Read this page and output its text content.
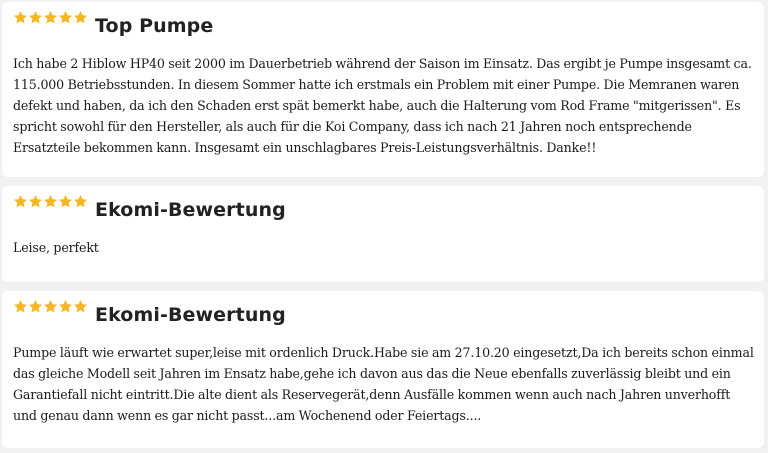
Top Pumpe

Ich habe 2 Hiblow HP40 seit 2000 im Dauerbetrieb während der Saison im Einsatz. Das ergibt je Pumpe insgesamt ca. 115.000 Betriebsstunden. In diesem Sommer hatte ich erstmals ein Problem mit einer Pumpe. Die Memranen waren defekt und haben, da ich den Schaden erst spät bemerkt habe, auch die Halterung vom Rod Frame "mitgerissen". Es spricht sowohl für den Hersteller, als auch für die Koi Company, dass ich nach 21 Jahren noch entsprechende Ersatzteile bekommen kann. Insgesamt ein unschlagbares Preis-Leistungsverhältnis. Danke!!

Ekomi-Bewertung

Leise, perfekt

Ekomi-Bewertung

Pumpe läuft wie erwartet super,leise mit ordenlich Druck.Habe sie am 27.10.20 eingesetzt,Da ich bereits schon einmal das gleiche Modell seit Jahren im Ensatz habe,gehe ich davon aus das die Neue ebenfalls zuverlässig bleibt und ein Garantiefall nicht eintritt.Die alte dient als Reservegerät,denn Ausfälle kommen wenn auch nach Jahren unverhofft und genau dann wenn es gar nicht passt...am Wochenend oder Feiertags....
